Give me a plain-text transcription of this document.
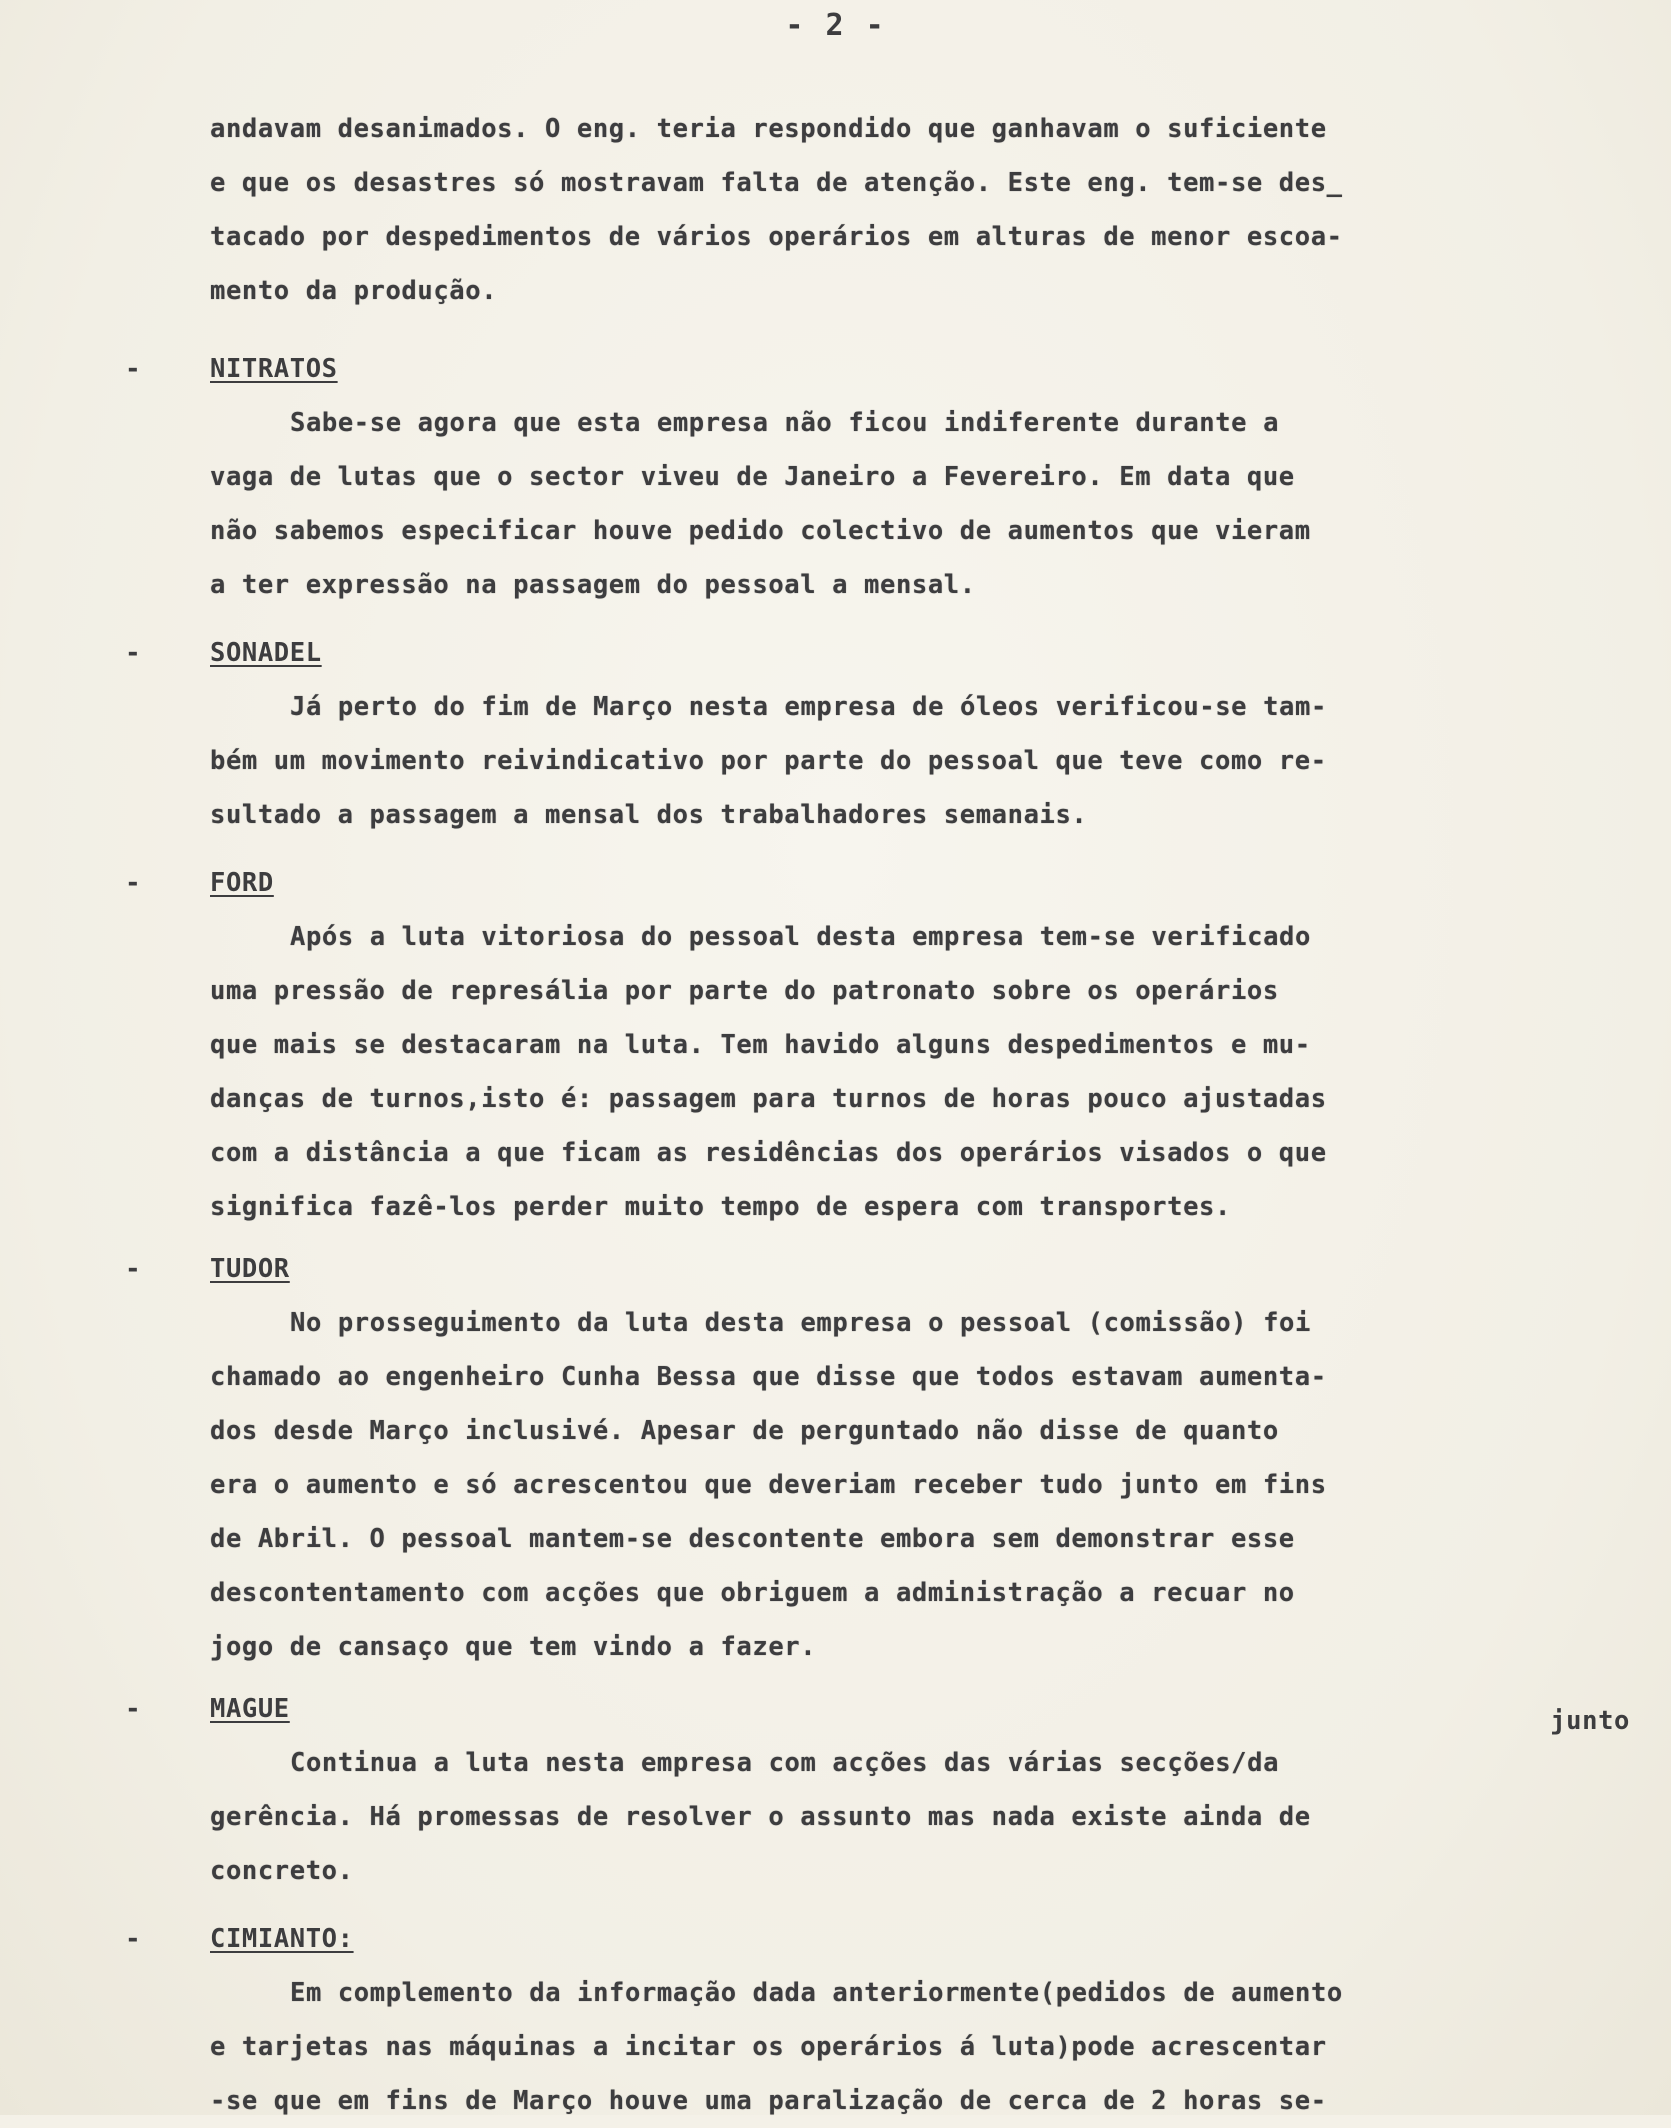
- 2 -
andavam desanimados. O eng. teria respondido que ganhavam o suficiente
e que os desastres só mostravam falta de atenção. Este eng. tem-se des_
tacado por despedimentos de vários operários em alturas de menor escoa-
mento da produção.
-	NITRATOS
Sabe-se agora que esta empresa não ficou indiferente durante a
vaga de lutas que o sector viveu de Janeiro a Fevereiro. Em data que
não sabemos especificar houve pedido colectivo de aumentos que vieram
a ter expressão na passagem do pessoal a mensal.
-	SONADEL
Já perto do fim de Março nesta empresa de óleos verificou-se tam-
bém um movimento reivindicativo por parte do pessoal que teve como re-
sultado a passagem a mensal dos trabalhadores semanais.
-	FORD
Após a luta vitoriosa do pessoal desta empresa tem-se verificado
uma pressão de represália por parte do patronato sobre os operários
que mais se destacaram na luta. Tem havido alguns despedimentos e mu-
danças de turnos,isto é: passagem para turnos de horas pouco ajustadas
com a distância a que ficam as residências dos operários visados o que
significa fazê-los perder muito tempo de espera com transportes.
-	TUDOR
No prosseguimento da luta desta empresa o pessoal (comissão) foi
chamado ao engenheiro Cunha Bessa que disse que todos estavam aumenta-
dos desde Março inclusivé. Apesar de perguntado não disse de quanto
era o aumento e só acrescentou que deveriam receber tudo junto em fins
de Abril. O pessoal mantem-se descontente embora sem demonstrar esse
descontentamento com acções que obriguem a administração a recuar no
jogo de cansaço que tem vindo a fazer.
-	MAGUE	junto
Continua a luta nesta empresa com acções das várias secções/da
gerência. Há promessas de resolver o assunto mas nada existe ainda de
concreto.
-	CIMIANTO:
Em complemento da informação dada anteriormente(pedidos de aumento
e tarjetas nas máquinas a incitar os operários á luta)pode acrescentar
-se que em fins de Março houve uma paralização de cerca de 2 horas se-
